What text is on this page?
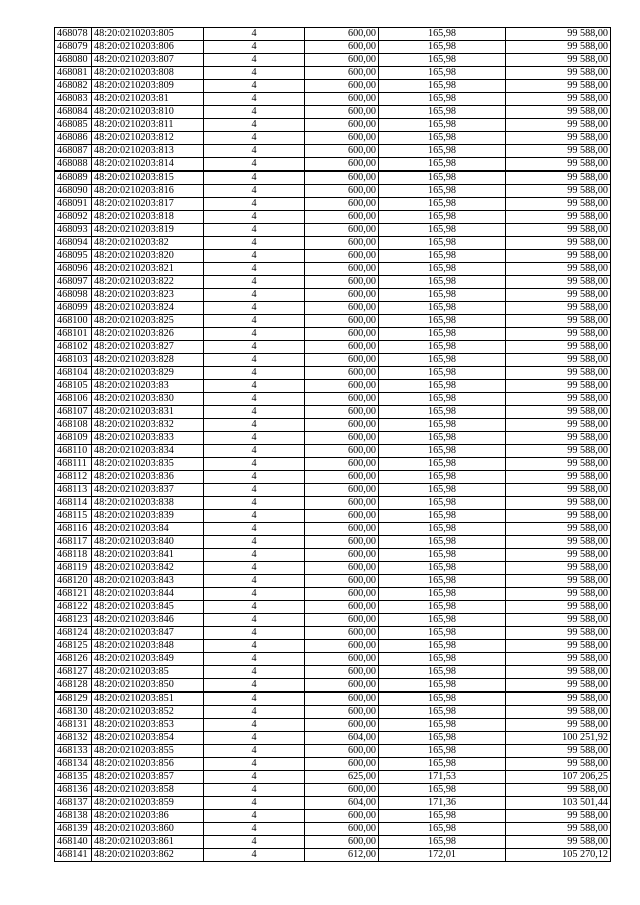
468078	48:20:0210203:805	4	600,00	165,98	99 588,00
468079	48:20:0210203:806	4	600,00	165,98	99 588,00
468080	48:20:0210203:807	4	600,00	165,98	99 588,00
468081	48:20:0210203:808	4	600,00	165,98	99 588,00
468082	48:20:0210203:809	4	600,00	165,98	99 588,00
468083	48:20:0210203:81	4	600,00	165,98	99 588,00
468084	48:20:0210203:810	4	600,00	165,98	99 588,00
468085	48:20:0210203:811	4	600,00	165,98	99 588,00
468086	48:20:0210203:812	4	600,00	165,98	99 588,00
468087	48:20:0210203:813	4	600,00	165,98	99 588,00
468088	48:20:0210203:814	4	600,00	165,98	99 588,00
468089	48:20:0210203:815	4	600,00	165,98	99 588,00
468090	48:20:0210203:816	4	600,00	165,98	99 588,00
468091	48:20:0210203:817	4	600,00	165,98	99 588,00
468092	48:20:0210203:818	4	600,00	165,98	99 588,00
468093	48:20:0210203:819	4	600,00	165,98	99 588,00
468094	48:20:0210203:82	4	600,00	165,98	99 588,00
468095	48:20:0210203:820	4	600,00	165,98	99 588,00
468096	48:20:0210203:821	4	600,00	165,98	99 588,00
468097	48:20:0210203:822	4	600,00	165,98	99 588,00
468098	48:20:0210203:823	4	600,00	165,98	99 588,00
468099	48:20:0210203:824	4	600,00	165,98	99 588,00
468100	48:20:0210203:825	4	600,00	165,98	99 588,00
468101	48:20:0210203:826	4	600,00	165,98	99 588,00
468102	48:20:0210203:827	4	600,00	165,98	99 588,00
468103	48:20:0210203:828	4	600,00	165,98	99 588,00
468104	48:20:0210203:829	4	600,00	165,98	99 588,00
468105	48:20:0210203:83	4	600,00	165,98	99 588,00
468106	48:20:0210203:830	4	600,00	165,98	99 588,00
468107	48:20:0210203:831	4	600,00	165,98	99 588,00
468108	48:20:0210203:832	4	600,00	165,98	99 588,00
468109	48:20:0210203:833	4	600,00	165,98	99 588,00
468110	48:20:0210203:834	4	600,00	165,98	99 588,00
468111	48:20:0210203:835	4	600,00	165,98	99 588,00
468112	48:20:0210203:836	4	600,00	165,98	99 588,00
468113	48:20:0210203:837	4	600,00	165,98	99 588,00
468114	48:20:0210203:838	4	600,00	165,98	99 588,00
468115	48:20:0210203:839	4	600,00	165,98	99 588,00
468116	48:20:0210203:84	4	600,00	165,98	99 588,00
468117	48:20:0210203:840	4	600,00	165,98	99 588,00
468118	48:20:0210203:841	4	600,00	165,98	99 588,00
468119	48:20:0210203:842	4	600,00	165,98	99 588,00
468120	48:20:0210203:843	4	600,00	165,98	99 588,00
468121	48:20:0210203:844	4	600,00	165,98	99 588,00
468122	48:20:0210203:845	4	600,00	165,98	99 588,00
468123	48:20:0210203:846	4	600,00	165,98	99 588,00
468124	48:20:0210203:847	4	600,00	165,98	99 588,00
468125	48:20:0210203:848	4	600,00	165,98	99 588,00
468126	48:20:0210203:849	4	600,00	165,98	99 588,00
468127	48:20:0210203:85	4	600,00	165,98	99 588,00
468128	48:20:0210203:850	4	600,00	165,98	99 588,00
468129	48:20:0210203:851	4	600,00	165,98	99 588,00
468130	48:20:0210203:852	4	600,00	165,98	99 588,00
468131	48:20:0210203:853	4	600,00	165,98	99 588,00
468132	48:20:0210203:854	4	604,00	165,98	100 251,92
468133	48:20:0210203:855	4	600,00	165,98	99 588,00
468134	48:20:0210203:856	4	600,00	165,98	99 588,00
468135	48:20:0210203:857	4	625,00	171,53	107 206,25
468136	48:20:0210203:858	4	600,00	165,98	99 588,00
468137	48:20:0210203:859	4	604,00	171,36	103 501,44
468138	48:20:0210203:86	4	600,00	165,98	99 588,00
468139	48:20:0210203:860	4	600,00	165,98	99 588,00
468140	48:20:0210203:861	4	600,00	165,98	99 588,00
468141	48:20:0210203:862	4	612,00	172,01	105 270,12
